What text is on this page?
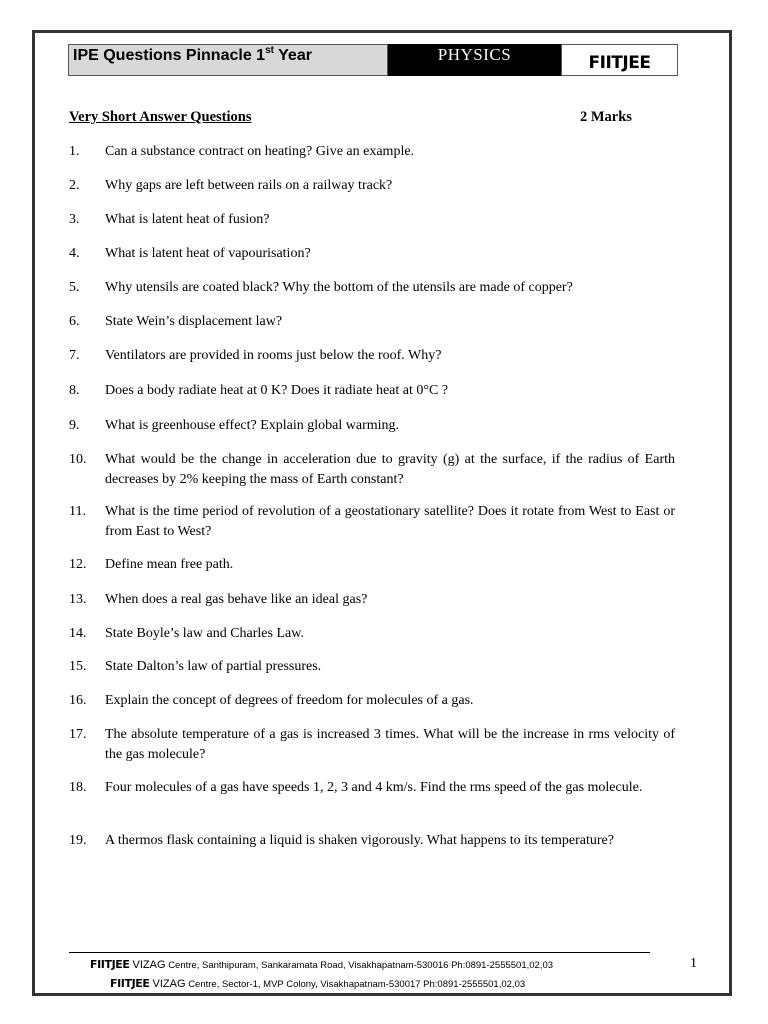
IPE Questions Pinnacle 1st Year	PHYSICS	FIITJEE
Very Short Answer Questions	2 Marks
1. Can a substance contract on heating? Give an example.
2. Why gaps are left between rails on a railway track?
3. What is latent heat of fusion?
4. What is latent heat of vapourisation?
5. Why utensils are coated black? Why the bottom of the utensils are made of copper?
6. State Wein’s displacement law?
7. Ventilators are provided in rooms just below the roof. Why?
8. Does a body radiate heat at 0 K? Does it radiate heat at 0°C ?
9. What is greenhouse effect? Explain global warming.
10. What would be the change in acceleration due to gravity (g) at the surface, if the radius of Earth decreases by 2% keeping the mass of Earth constant?
11. What is the time period of revolution of a geostationary satellite? Does it rotate from West to East or from East to West?
12. Define mean free path.
13. When does a real gas behave like an ideal gas?
14. State Boyle’s law and Charles Law.
15. State Dalton’s law of partial pressures.
16. Explain the concept of degrees of freedom for molecules of a gas.
17. The absolute temperature of a gas is increased 3 times. What will be the increase in rms velocity of the gas molecule?
18. Four molecules of a gas have speeds 1, 2, 3 and 4 km/s. Find the rms speed of the gas molecule.
19. A thermos flask containing a liquid is shaken vigorously. What happens to its temperature?
FIITJEE VIZAG Centre, Santhipuram, Sankaramata Road, Visakhapatnam-530016 Ph:0891-2555501,02,03
FIITJEE VIZAG Centre, Sector-1, MVP Colony, Visakhapatnam-530017 Ph:0891-2555501,02,03
1
